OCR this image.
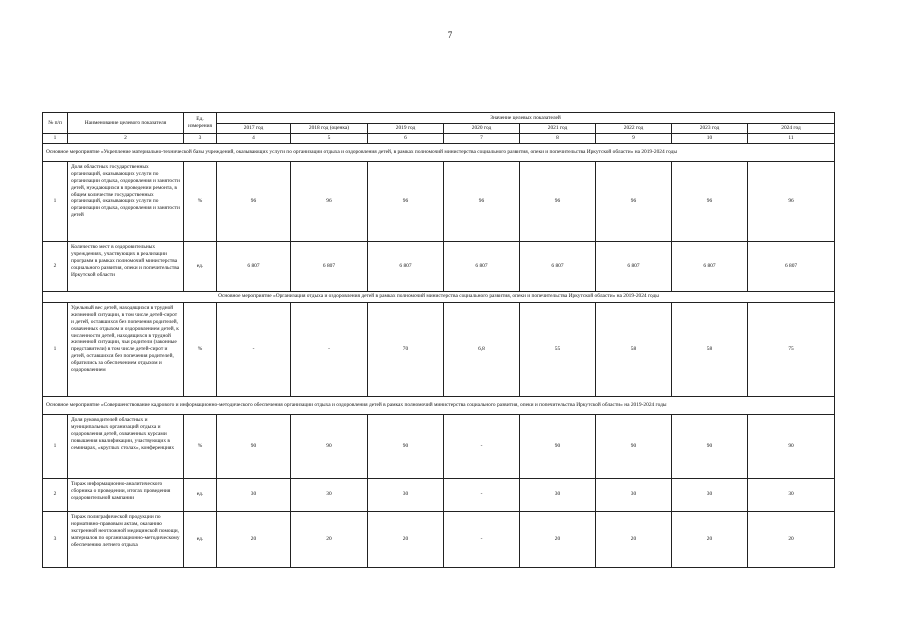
7
№ п/п	Наименование целевого показателя	Ед. измерения	Значение целевых показателей							
			2017 год	2018 год (оценка)	2019 год	2020 год	2021 год	2022 год	2023 год	2024 год
1	2	3	4	5	6	7	8	9	10	11
Основное мероприятие «Укрепление материально-технической базы учреждений, оказывающих услуги по организации отдыха и оздоровления детей, в рамках полномочий министерства социального развития, опеки и попечительства Иркутской области» на 2019-2024 годы										
1	Доля областных государственных организаций, оказывающих услуги по организации отдыха, оздоровления и занятости детей, нуждающихся в проведении ремонта, в общем количестве государственных организаций, оказывающих услуги по организации отдыха, оздоровления и занятости детей	%	96	96	96	96	96	96	96	96
2	Количество мест в оздоровительных учреждениях, участвующих в реализации программ в рамках полномочий министерства социального развития, опеки и попечительства Иркутской области	ед.	6 807	6 807	6 807	6 807	6 807	6 807	6 807	6 807
Основное мероприятие «Организация отдыха и оздоровления детей в рамках полномочий министерства социального развития, опеки и попечительства Иркутской области» на 2019-2024 годы										
1	Удельный вес детей, находящихся в трудной жизненной ситуации, в том числе детей-сирот и детей, оставшихся без попечения родителей, охваченных отдыхом и оздоровлением детей, к численности детей, находящихся в трудной жизненной ситуации, чьи родители (законные представители) в том числе детей-сирот и детей, оставшихся без попечения родителей, обратились за обеспечением отдыхом и оздоровлением	%	-	-	70	6,8	55	58	58	75
Основное мероприятие «Совершенствование кадрового и информационно-методического обеспечения организации отдыха и оздоровления детей в рамках полномочий министерства социального развития, опеки и попечительства Иркутской области» на 2019-2024 годы										
1	Доля руководителей областных и муниципальных организаций отдыха и оздоровления детей, охваченных курсами повышения квалификации, участвующих в семинарах, «круглых столах», конференциях	%	90	90	90	-	90	90	90	90
2	Тираж информационно-аналитического сборника о проведении, итогах проведения оздоровительной кампании	ед.	30	30	30	-	30	30	30	30
3	Тираж полиграфической продукции по нормативно-правовым актам, оказанию экстренной неотложной медицинской помощи, материалов по организационно-методическому обеспечению летнего отдыха	ед.	20	20	20	-	20	20	20	20
